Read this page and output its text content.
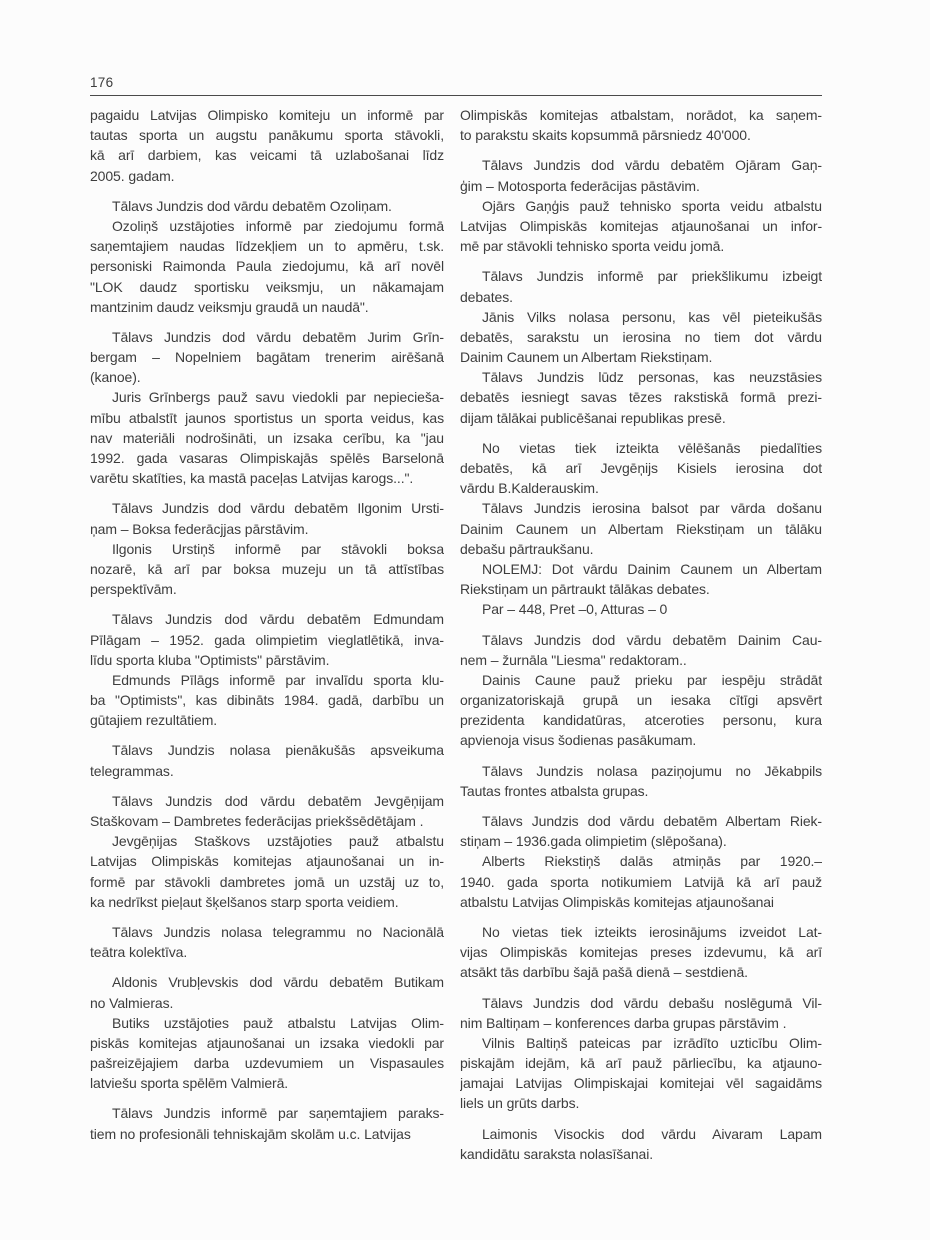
176
pagaidu Latvijas Olimpisko komiteju un informē par
tautas sporta un augstu panākumu sporta stāvokli,
kā arī darbiem, kas veicami tā uzlabošanai līdz
2005. gadam.
Tālavs Jundzis dod vārdu debatēm Ozoliņam.
Ozoliņš uzstājoties informē par ziedojumu formā
saņemtajiem naudas līdzekļiem un to apmēru, t.sk.
personiski Raimonda Paula ziedojumu, kā arī novēl
"LOK daudz sportisku veiksmju, un nākamajam
mantzinim daudz veiksmju graudā un naudā".
Tālavs Jundzis dod vārdu debatēm Jurim Grīn-
bergam – Nopelniem bagātam trenerim airēšanā
(kanoe).
Juris Grīnbergs pauž savu viedokli par nepiecieša-
mību atbalstīt jaunos sportistus un sporta veidus, kas
nav materiāli nodrošināti, un izsaka cerību, ka "jau
1992. gada vasaras Olimpiskajās spēlēs Barselonā
varētu skatīties, ka mastā paceļas Latvijas karogs...".
Tālavs Jundzis dod vārdu debatēm Ilgonim Ursti-
ņam – Boksa federācjjas pārstāvim.
Ilgonis Urstiņš informē par stāvokli boksa
nozarē, kā arī par boksa muzeju un tā attīstības
perspektīvām.
Tālavs Jundzis dod vārdu debatēm Edmundam
Pīlāgam – 1952. gada olimpietim vieglatlētikā, inva-
līdu sporta kluba "Optimists" pārstāvim.
Edmunds Pīlāgs informē par invalīdu sporta klu-
ba "Optimists", kas dibināts 1984. gadā, darbību un
gūtajiem rezultātiem.
Tālavs Jundzis nolasa pienākušās apsveikuma
telegrammas.
Tālavs Jundzis dod vārdu debatēm Jevgēņijam
Staškovam – Dambretes federācijas priekšsēdētājam .
Jevgēņijas Staškovs uzstājoties pauž atbalstu
Latvijas Olimpiskās komitejas atjaunošanai un in-
formē par stāvokli dambretes jomā un uzstāj uz to,
ka nedrīkst pieļaut šķelšanos starp sporta veidiem.
Tālavs Jundzis nolasa telegrammu no Nacionālā
teātra kolektīva.
Aldonis Vrubļevskis dod vārdu debatēm Butikam
no Valmieras.
Butiks uzstājoties pauž atbalstu Latvijas Olim-
piskās komitejas atjaunošanai un izsaka viedokli par
pašreizējajiem darba uzdevumiem un Vispasaules
latviešu sporta spēlēm Valmierā.
Tālavs Jundzis informē par saņemtajiem paraks-
tiem no profesionāli tehniskajām skolām u.c. Latvijas
Olimpiskās komitejas atbalstam, norādot, ka saņem-
to parakstu skaits kopsummā pārsniedz 40'000.
Tālavs Jundzis dod vārdu debatēm Ojāram Gaņ-
ģim – Motosporta federācijas pāstāvim.
Ojārs Gaņģis pauž tehnisko sporta veidu atbalstu
Latvijas Olimpiskās komitejas atjaunošanai un infor-
mē par stāvokli tehnisko sporta veidu jomā.
Tālavs Jundzis informē par priekšlikumu izbeigt
debates.
Jānis Vilks nolasa personu, kas vēl pieteikušās
debatēs, sarakstu un ierosina no tiem dot vārdu
Dainim Caunem un Albertam Riekstiņam.
Tālavs Jundzis lūdz personas, kas neuzstāsies
debatēs iesniegt savas tēzes rakstiskā formā prezi-
dijam tālākai publicēšanai republikas presē.
No vietas tiek izteikta vēlēšanās piedalīties
debatēs, kā arī Jevgēņijs Kisiels ierosina dot
vārdu B.Kalderauskim.
Tālavs Jundzis ierosina balsot par vārda došanu
Dainim Caunem un Albertam Riekstiņam un tālāku
debašu pārtraukšanu.
NOLEMJ: Dot vārdu Dainim Caunem un Albertam
Riekstiņam un pārtraukt tālākas debates.
Par – 448, Pret –0, Atturas – 0
Tālavs Jundzis dod vārdu debatēm Dainim Cau-
nem – žurnāla "Liesma" redaktoram..
Dainis Caune pauž prieku par iespēju strādāt
organizatoriskajā grupā un iesaka cītīgi apsvērt
prezidenta kandidatūras, atceroties personu, kura
apvienoja visus šodienas pasākumam.
Tālavs Jundzis nolasa paziņojumu no Jēkabpils
Tautas frontes atbalsta grupas.
Tālavs Jundzis dod vārdu debatēm Albertam Riek-
stiņam – 1936.gada olimpietim (slēpošana).
Alberts Riekstiņš dalās atmiņās par 1920.–
1940. gada sporta notikumiem Latvijā kā arī pauž
atbalstu Latvijas Olimpiskās komitejas atjaunošanai
No vietas tiek izteikts ierosinājums izveidot Lat-
vijas Olimpiskās komitejas preses izdevumu, kā arī
atsākt tās darbību šajā pašā dienā – sestdienā.
Tālavs Jundzis dod vārdu debašu noslēgumā Vil-
nim Baltiņam – konferences darba grupas pārstāvim .
Vilnis Baltiņš pateicas par izrādīto uzticību Olim-
piskajām idejām, kā arī pauž pārliecību, ka atjauno-
jamajai Latvijas Olimpiskajai komitejai vēl sagaidāms
liels un grūts darbs.
Laimonis Visockis dod vārdu Aivaram Lapam
kandidātu saraksta nolasīšanai.
